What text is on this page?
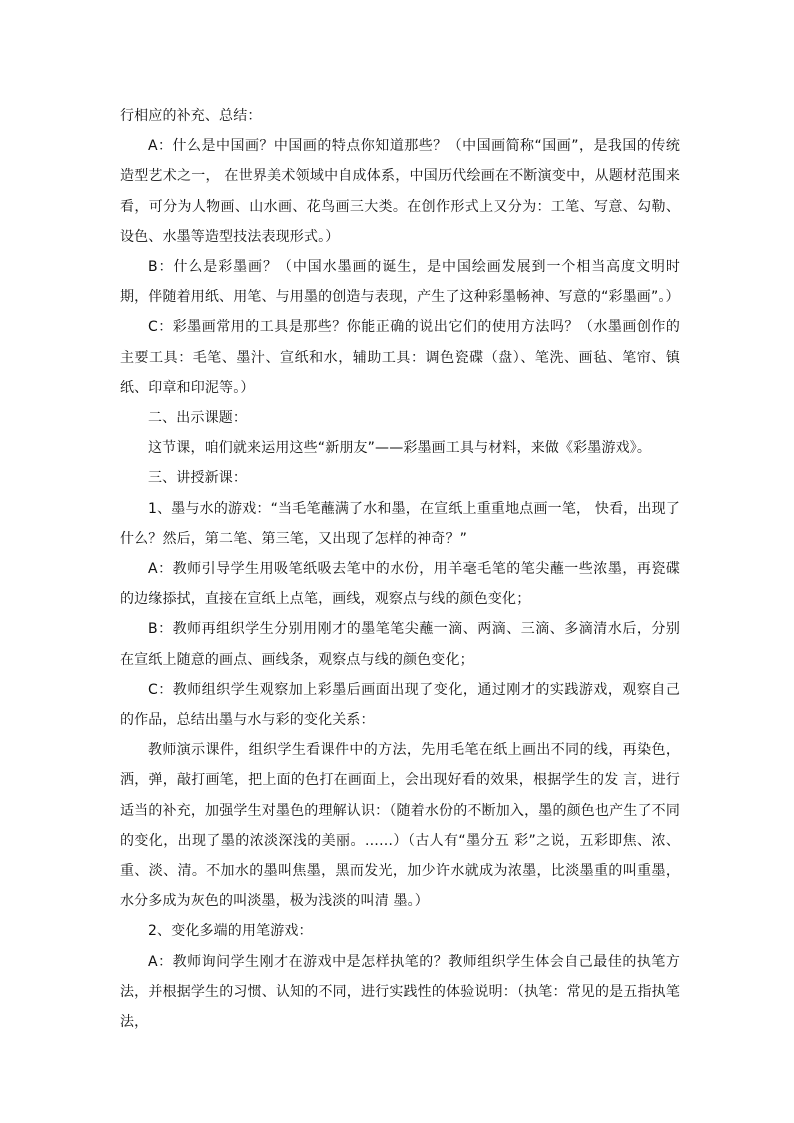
行相应的补充、总结：

A：什么是中国画？中国画的特点你知道那些？（中国画简称“国画”，是我国的传统造型艺术之一， 在世界美术领域中自成体系，中国历代绘画在不断演变中，从题材范围来看，可分为人物画、山水画、花鸟画三大类。在创作形式上又分为：工笔、写意、勾勒、设色、水墨等造型技法表现形式。）

B：什么是彩墨画？（中国水墨画的诞生，是中国绘画发展到一个相当高度文明时期，伴随着用纸、用笔、与用墨的创造与表现，产生了这种彩墨畅神、写意的“彩墨画”。）

C：彩墨画常用的工具是那些？你能正确的说出它们的使用方法吗？（水墨画创作的主要工具：毛笔、墨汁、宣纸和水，辅助工具：调色瓷碟（盘）、笔洗、画毡、笔帘、镇纸、印章和印泥等。）

二、出示课题：

这节课，咱们就来运用这些“新朋友”——彩墨画工具与材料，来做《彩墨游戏》。

三、讲授新课：

1、墨与水的游戏：“当毛笔蘸满了水和墨，在宣纸上重重地点画一笔， 快看，出现了什么？然后，第二笔、第三笔，又出现了怎样的神奇？”

A：教师引导学生用吸笔纸吸去笔中的水份，用羊毫毛笔的笔尖蘸一些浓墨，再瓷碟的边缘掭拭，直接在宣纸上点笔，画线，观察点与线的颜色变化；

B：教师再组织学生分别用刚才的墨笔笔尖蘸一滴、两滴、三滴、多滴清水后，分别在宣纸上随意的画点、画线条，观察点与线的颜色变化；

C：教师组织学生观察加上彩墨后画面出现了变化，通过刚才的实践游戏，观察自己的作品，总结出墨与水与彩的变化关系：

教师演示课件，组织学生看课件中的方法，先用毛笔在纸上画出不同的线，再染色，洒，弹，敲打画笔，把上面的色打在画面上，会出现好看的效果，根据学生的发 言，进行适当的补充，加强学生对墨色的理解认识：（随着水份的不断加入，墨的颜色也产生了不同的变化，出现了墨的浓淡深浅的美丽。……）（古人有“墨分五 彩”之说，五彩即焦、浓、重、淡、清。不加水的墨叫焦墨，黑而发光，加少许水就成为浓墨，比淡墨重的叫重墨，水分多成为灰色的叫淡墨，极为浅淡的叫清 墨。）

2、变化多端的用笔游戏：

A：教师询问学生刚才在游戏中是怎样执笔的？教师组织学生体会自己最佳的执笔方法，并根据学生的习惯、认知的不同，进行实践性的体验说明：（执笔：常见的是五指执笔法，
